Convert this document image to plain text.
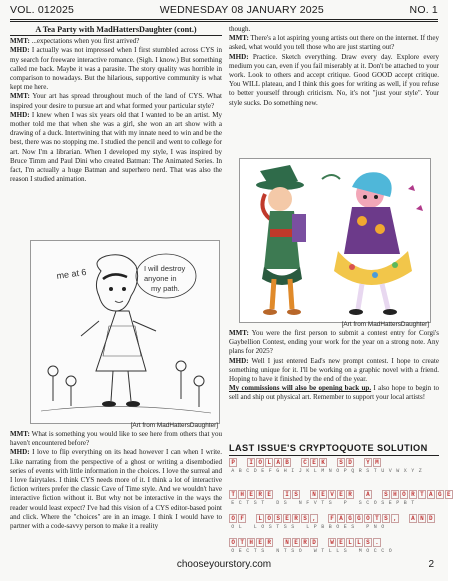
VOL. 012025	WEDNESDAY 08 JANUARY 2025	NO. 1
A Tea Party with MadHattersDaughter (cont.)

MMT: ...expectations when you first arrived?

MHD: I actually was not impressed when I first stumbled across CYS in my search for freeware interactive romance. (Sigh. I know.) But something called me back. Maybe it was a parasite. The story quality was horrible in comparison to nowadays. But the hilarious, supportive community is what kept me here.

MMT: Your art has spread throughout much of the land of CYS. What inspired your desire to pursue art and what formed your particular style?

MHD: I knew when I was six years old that I wanted to be an artist. My mother told me that when she was a girl, she won an art show with a drawing of a duck. Intertwining that with my innate need to win and be the best, there was no stopping me. I studied the pencil and went to college for art. Now I'm a librarian. When I developed my style, I was inspired by Bruce Timm and Paul Dini who created Batman: The Animated Series. In fact, I'm actually a huge Batman and superhero nerd. That was also the reason I studied animation.

me at 6	I will destroy
anyone in
my path.
[Art from MadHattersDaughter]

MMT: What is something you would like to see here from others that you haven't encountered before?

MHD: I love to flip everything on its head however I can when I write. Like narrating from the perspective of a ghost or writing a disembodied series of events with little information in the choices. I love the surreal and I love fairytales. I think CYS needs more of it. I think a lot of interactive fiction writers prefer the classic Cave of Time style. And we wouldn't have interactive fiction without it. But why not be interactive in the ways the reader would least expect? I've had this vision of a CYS editor-based point and click. Where the "choices" are in an image. I think I would have to partner with a code-savvy person to make it a reality

though.

MMT: There's a lot aspiring young artists out there on the internet. If they asked, what would you tell those who are just starting out?

MHD: Practice. Sketch everything. Draw every day. Explore every medium you can, even if you fail miserably at it. Don't be attached to your work. Look to others and accept critique. Good GOOD accept critique. You WILL plateau, and I think this goes for writing as well, if you refuse to better yourself through criticism. No, it's not "just your style". Your style sucks. Do something new.

[Art from MadHattersDaughter]

MMT: You were the first person to submit a contest entry for Corgi's Gaybellion Contest, ending your work for the year on a strong note. Any plans for 2025?

MHD: Well I just entered Ead's new prompt contest. I hope to create something unique for it. I'll be working on a graphic novel with a friend. Hoping to have it finished by the end of the year.

My commissions will also be opening back up. I also hope to begin to sell and ship out physical art. Remember to support your local artists!

LAST ISSUE'S CRYPTOQUOTE SOLUTION
P	I O L A B	C E K	S D	Y M
A B C D E F G H I J K L M N O P Q R S T U V W X Y Z
T H E R E	I S	N E V E R	A	S H O R T A G E
E C T S T	D S	N F V T S	P	S C O S E P B T
O F	L O S E R S ,	F A G G O T S ,	A N D
O L	L O S T S S	L P B B O E S	P N O
O T H E R	N E R D	W E L L S .
O E C T S	N T S O	W T L L S	M O C C O
chooseyourstory.com	2
